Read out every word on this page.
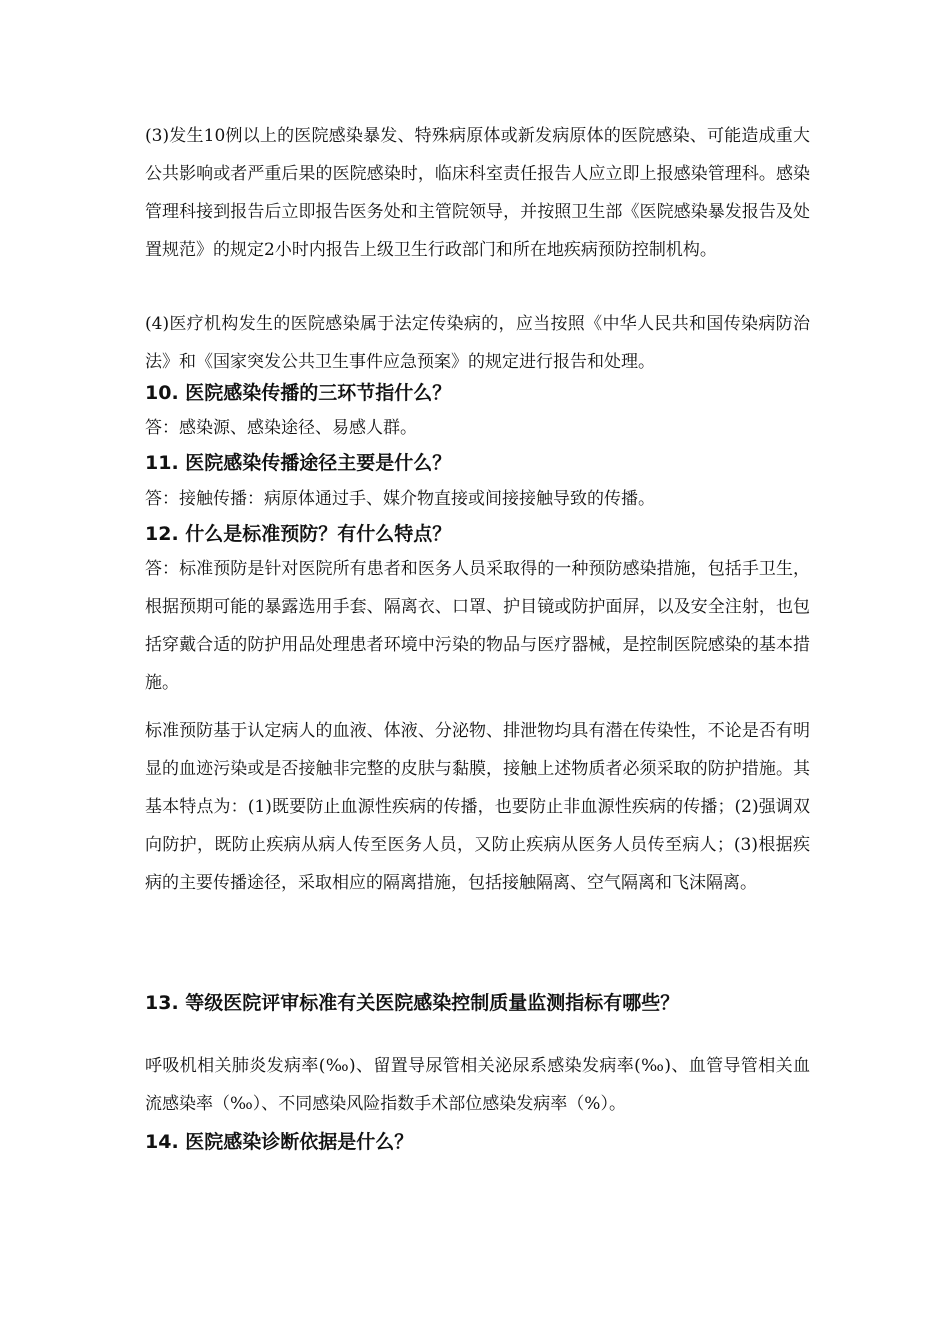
(3)发生10例以上的医院感染暴发、特殊病原体或新发病原体的医院感染、可能造成重大公共影响或者严重后果的医院感染时，临床科室责任报告人应立即上报感染管理科。感染管理科接到报告后立即报告医务处和主管院领导，并按照卫生部《医院感染暴发报告及处置规范》的规定2小时内报告上级卫生行政部门和所在地疾病预防控制机构。

(4)医疗机构发生的医院感染属于法定传染病的，应当按照《中华人民共和国传染病防治法》和《国家突发公共卫生事件应急预案》的规定进行报告和处理。

10. 医院感染传播的三环节指什么？

答：感染源、感染途径、易感人群。

11. 医院感染传播途径主要是什么？

答：接触传播：病原体通过手、媒介物直接或间接接触导致的传播。

12. 什么是标准预防？有什么特点？

答：标准预防是针对医院所有患者和医务人员采取得的一种预防感染措施，包括手卫生，根据预期可能的暴露选用手套、隔离衣、口罩、护目镜或防护面屏，以及安全注射，也包括穿戴合适的防护用品处理患者环境中污染的物品与医疗器械，是控制医院感染的基本措施。

标准预防基于认定病人的血液、体液、分泌物、排泄物均具有潜在传染性，不论是否有明显的血迹污染或是否接触非完整的皮肤与黏膜，接触上述物质者必须采取的防护措施。其基本特点为：(1)既要防止血源性疾病的传播，也要防止非血源性疾病的传播；(2)强调双向防护，既防止疾病从病人传至医务人员，又防止疾病从医务人员传至病人；(3)根据疾病的主要传播途径，采取相应的隔离措施，包括接触隔离、空气隔离和飞沫隔离。

13. 等级医院评审标准有关医院感染控制质量监测指标有哪些？

呼吸机相关肺炎发病率(‰)、留置导尿管相关泌尿系感染发病率(‰)、血管导管相关血流感染率（‰）、不同感染风险指数手术部位感染发病率（%）。

14. 医院感染诊断依据是什么？
